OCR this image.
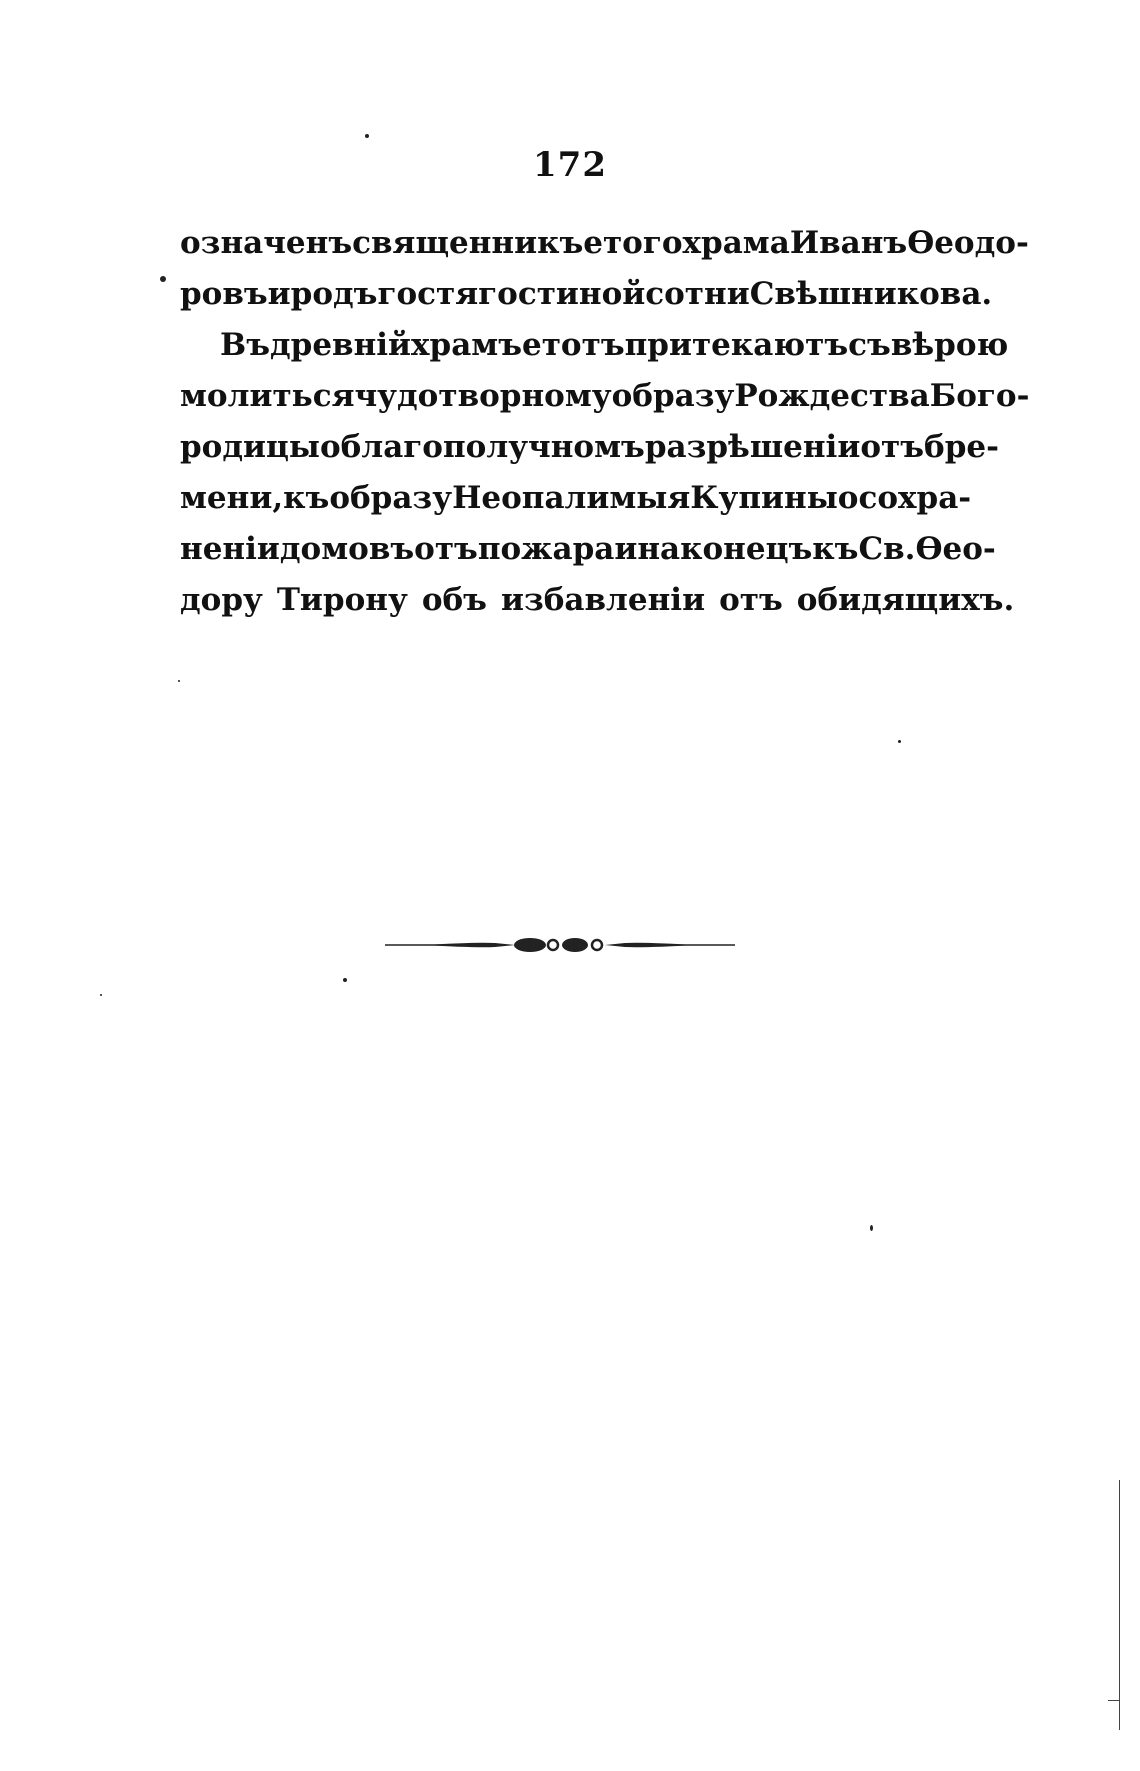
172
означенъ священникъ етого храма Иванъ Ѳеодо-
ровъ и родъ гостя гостиной сотни Свѣшникова.
Въ древній храмъ етотъ притекаютъ съ вѣрою
молиться чудотворному образу Рождества Бого-
родицы о благополучномъ разрѣшеніи отъ бре-
мени, къ образу Неопалимыя Купины о сохра-
неніи домовъ отъ пожара и наконецъ къ Св. Ѳео-
дору Тирону объ избавленіи отъ обидящихъ.
